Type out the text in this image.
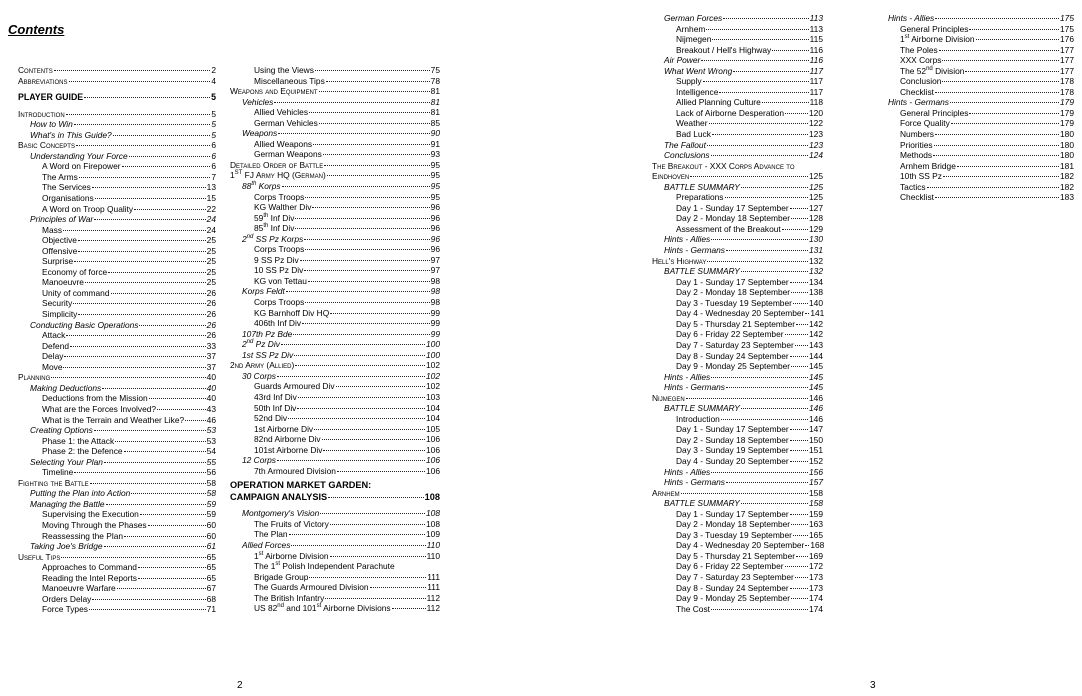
Contents
Contents	2
Abbreviations	4
PLAYER GUIDE	5
Introduction	5
How to Win	5
What's in This Guide?	5
Basic Concepts	6
Understanding Your Force	6
A Word on Firepower	6
The Arms	7
The Services	13
Organisations	15
A Word on Troop Quality	22
Principles of War	24
Mass	24
Objective	25
Offensive	25
Surprise	25
Economy of force	25
Manoeuvre	25
Unity of command	26
Security	26
Simplicity	26
Conducting Basic Operations	26
Attack	26
Defend	33
Delay	37
Move	37
Planning	40
Making Deductions	40
Deductions from the Mission	40
What are the Forces Involved?	43
What is the Terrain and Weather Like?	46
Creating Options	53
Phase 1: the Attack	53
Phase 2: the Defence	54
Selecting Your Plan	55
Timeline	56
Fighting the Battle	58
Putting the Plan into Action	58
Managing the Battle	59
Supervising the Execution	59
Moving Through the Phases	60
Reassessing the Plan	60
Taking Joe's Bridge	61
Useful Tips	65
Approaches to Command	65
Reading the Intel Reports	65
Manoeuvre Warfare	67
Orders Delay	68
Force Types	71
Using the Views	75
Miscellaneous Tips	78
Weapons and Equipment	81
Vehicles	81
Allied Vehicles	81
German Vehicles	85
Weapons	90
Allied Weapons	91
German Weapons	93
Detailed Order of Battle	95
1ST FJ Army HQ (German)	95
88th Korps	95
Corps Troops	95
KG Walther Div	96
59th Inf Div	96
85th Inf Div	96
2nd SS Pz Korps	96
Corps Troops	96
9 SS Pz Div	97
10 SS Pz Div	97
KG von Tettau	98
Korps Feldt	98
Corps Troops	98
KG Barnhoff Div HQ	99
406th Inf Div	99
107th Pz Bde	99
2nd Pz Div	100
1st SS Pz Div	100
2nd Army (Allied)	102
30 Corps	102
Guards Armoured Div	102
43rd Inf Div	103
50th Inf Div	104
52nd Div	104
1st Airborne Div	105
82nd Airborne Div	106
101st Airborne Div	106
12 Corps	106
7th Armoured Division	106
OPERATION MARKET GARDEN:
CAMPAIGN ANALYSIS	108
Montgomery's Vision	108
The Fruits of Victory	108
The Plan	109
Allied Forces	110
1st Airborne Division	110
The 1st Polish Independent Parachute
Brigade Group	111
The Guards Armoured Division	111
The British Infantry	112
US 82nd and 101st Airborne Divisions	112
German Forces	113
Arnhem	113
Nijmegen	115
Breakout / Hell's Highway	116
Air Power	116
What Went Wrong	117
Supply	117
Intelligence	117
Allied Planning Culture	118
Lack of Airborne Desperation	120
Weather	122
Bad Luck	123
The Fallout	123
Conclusions	124
The Breakout - XXX Corps Advance to
Eindhoven	125
BATTLE SUMMARY	125
Preparations	125
Day 1 - Sunday 17 September 127
Day 2 - Monday 18 September 128
Assessment of the Breakout	129
Hints - Allies	130
Hints - Germans	131
Hell's Highway	132
BATTLE SUMMARY	132
Day 1 - Sunday 17 September 134
Day 2 - Monday 18 September 138
Day 3 - Tuesday 19 September 140
Day 4 - Wednesday 20 September 141
Day 5 - Thursday 21 September 142
Day 6 - Friday 22 September	142
Day 7 - Saturday 23 September 143
Day 8 - Sunday 24 September 144
Day 9 - Monday 25 September 145
Hints - Allies	145
Hints - Germans	145
Nijmegen	146
BATTLE SUMMARY	146
Introduction	146
Day 1 - Sunday 17 September 147
Day 2 - Sunday 18 September 150
Day 3 - Sunday 19 September 151
Day 4 - Sunday 20 September 152
Hints - Allies	156
Hints - Germans	157
Arnhem	158
BATTLE SUMMARY	158
Day 1 - Sunday 17 September 159
Day 2 - Monday 18 September 163
Day 3 - Tuesday 19 September 165
Day 4 - Wednesday 20 September 168
Day 5 - Thursday 21 September 169
Day 6 - Friday 22 September	172
Day 7 - Saturday 23 September 173
Day 8 - Sunday 24 September 173
Day 9 - Monday 25 September 174
The Cost	174
Hints - Allies	175
General Principles	175
1st Airborne Division	176
The Poles	177
XXX Corps	177
The 52nd Division	177
Conclusion	178
Checklist	178
Hints - Germans	179
General Principles	179
Force Quality	179
Numbers	180
Priorities	180
Methods	180
Arnhem Bridge	181
10th SS Pz	182
Tactics	182
Checklist	183
2	3
